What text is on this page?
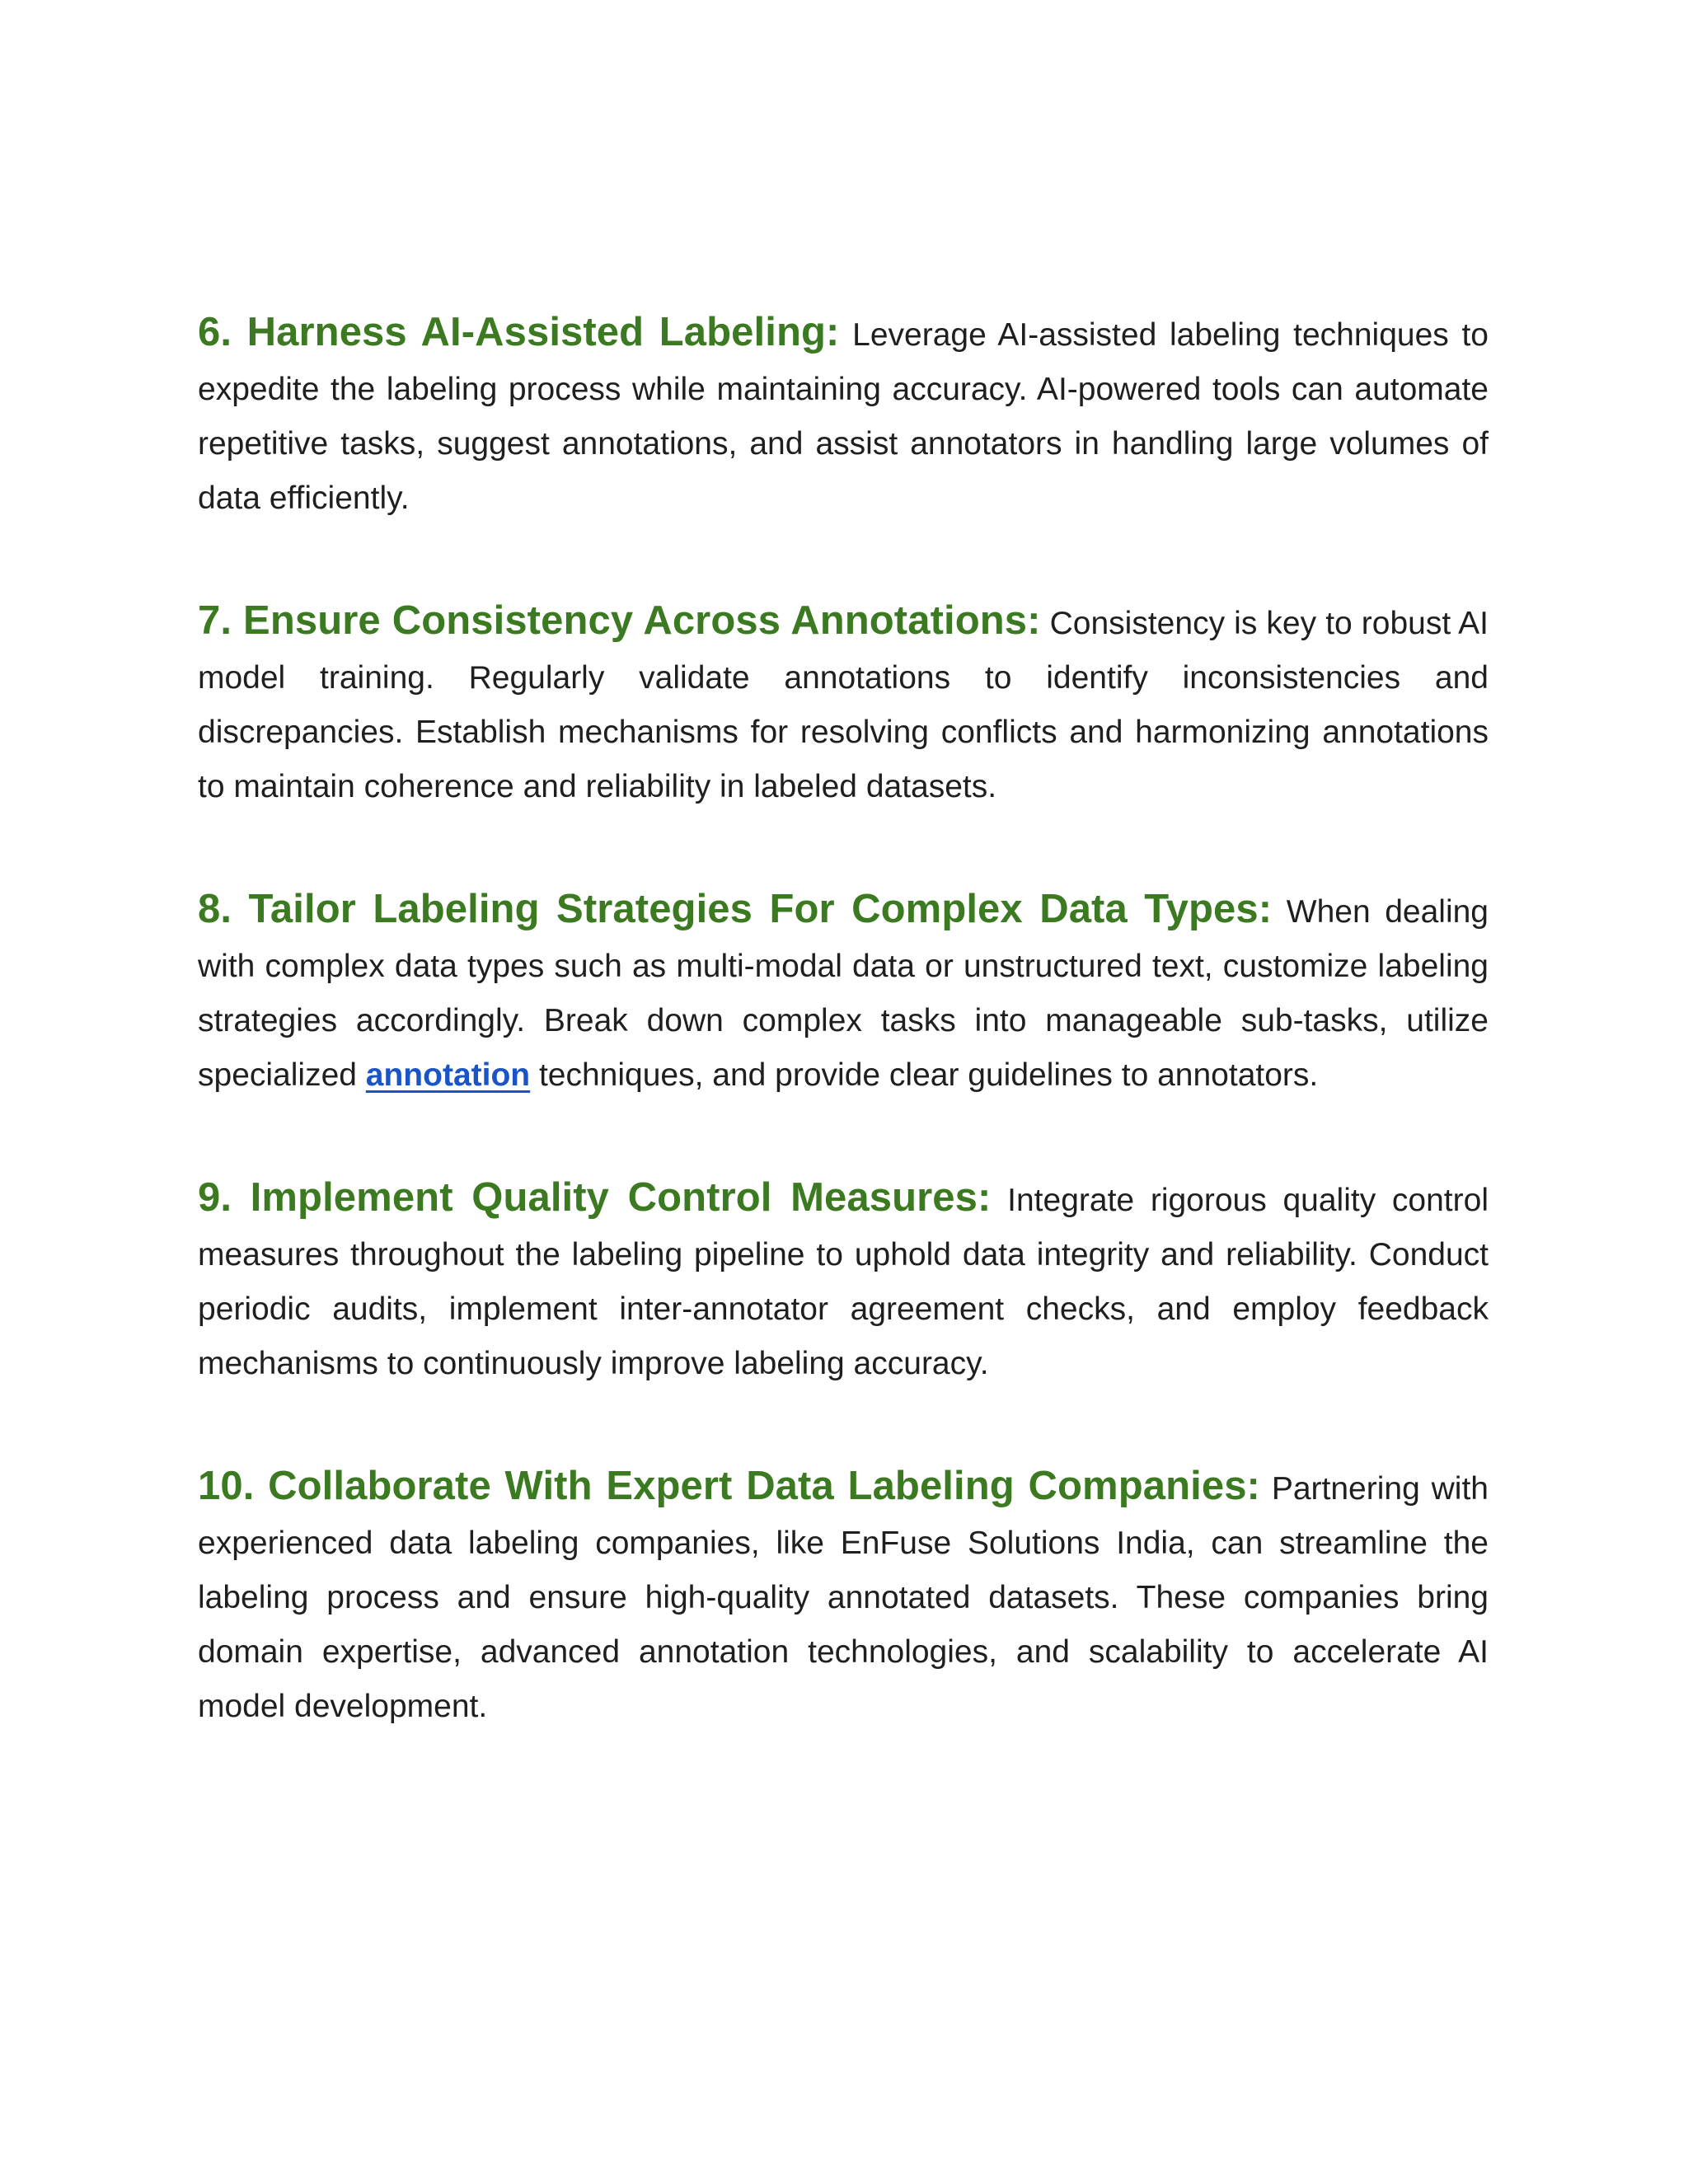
6. Harness AI-Assisted Labeling: Leverage AI-assisted labeling techniques to expedite the labeling process while maintaining accuracy. AI-powered tools can automate repetitive tasks, suggest annotations, and assist annotators in handling large volumes of data efficiently.

7. Ensure Consistency Across Annotations: Consistency is key to robust AI model training. Regularly validate annotations to identify inconsistencies and discrepancies. Establish mechanisms for resolving conflicts and harmonizing annotations to maintain coherence and reliability in labeled datasets.

8. Tailor Labeling Strategies For Complex Data Types: When dealing with complex data types such as multi-modal data or unstructured text, customize labeling strategies accordingly. Break down complex tasks into manageable sub-tasks, utilize specialized annotation techniques, and provide clear guidelines to annotators.

9. Implement Quality Control Measures: Integrate rigorous quality control measures throughout the labeling pipeline to uphold data integrity and reliability. Conduct periodic audits, implement inter-annotator agreement checks, and employ feedback mechanisms to continuously improve labeling accuracy.

10. Collaborate With Expert Data Labeling Companies: Partnering with experienced data labeling companies, like EnFuse Solutions India, can streamline the labeling process and ensure high-quality annotated datasets. These companies bring domain expertise, advanced annotation technologies, and scalability to accelerate AI model development.
